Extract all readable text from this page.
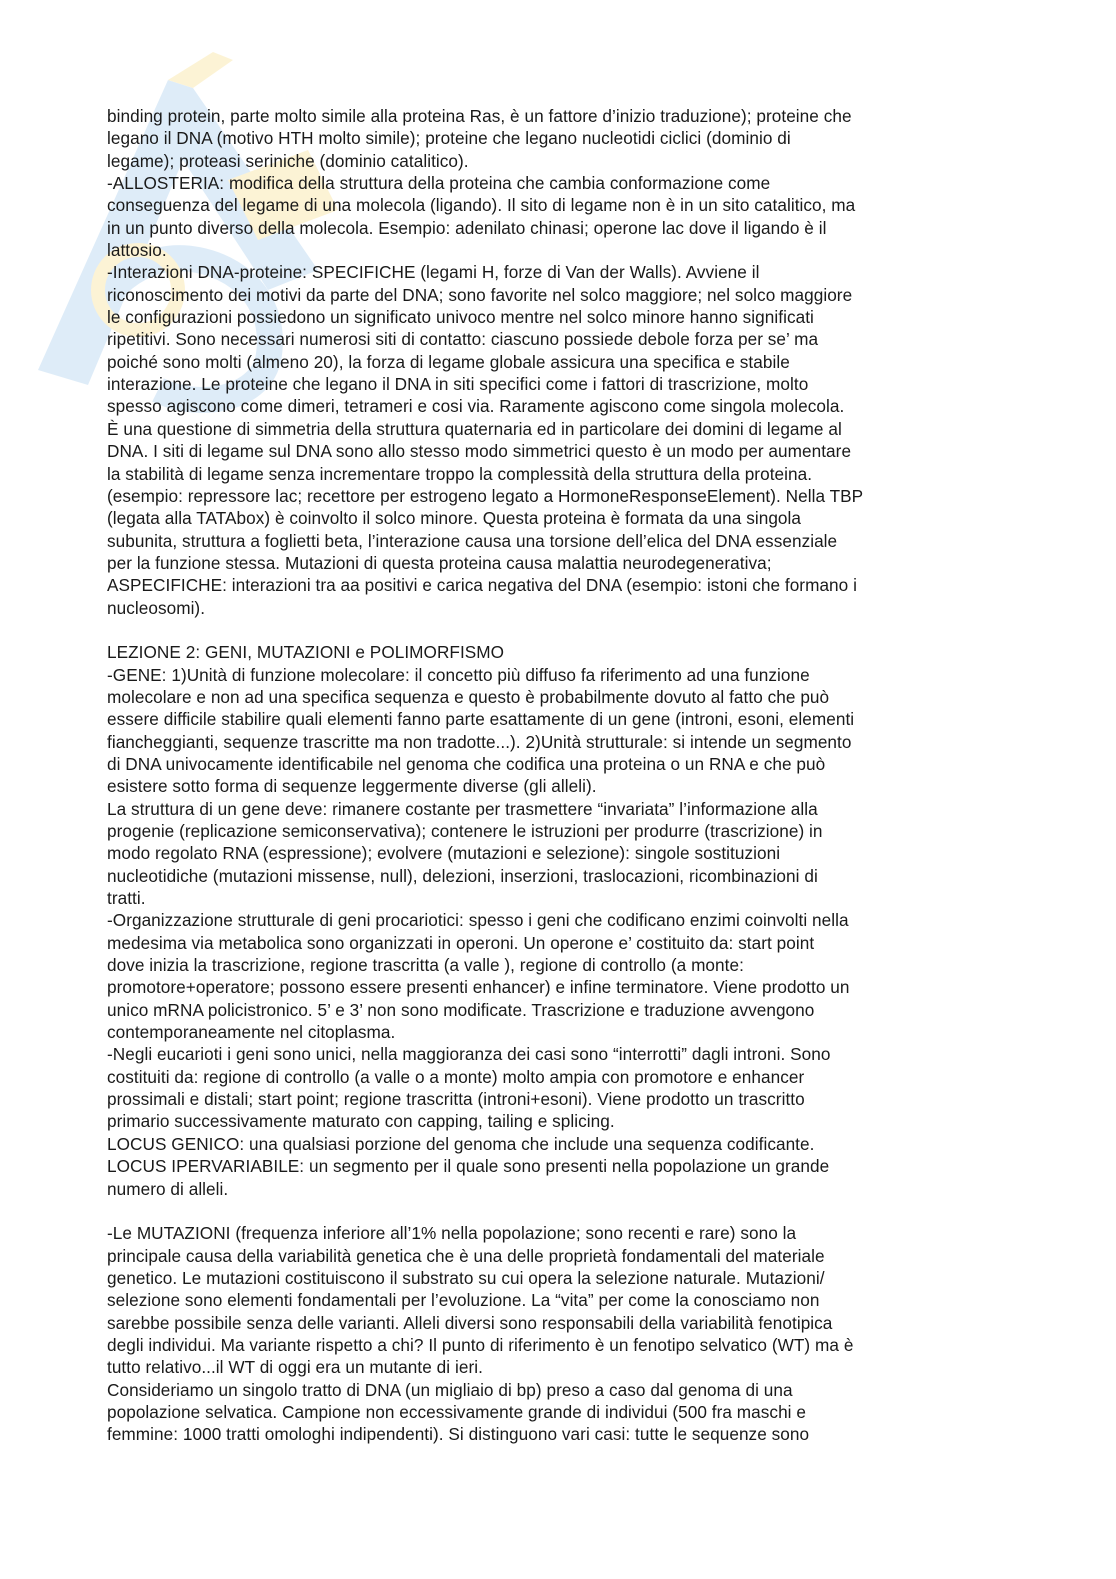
binding protein, parte molto simile alla proteina Ras, è un fattore d’inizio traduzione); proteine che
legano il DNA (motivo HTH molto simile); proteine che legano nucleotidi ciclici (dominio di
legame); proteasi seriniche (dominio catalitico).
-ALLOSTERIA: modifica della struttura della proteina che cambia conformazione come
conseguenza del legame di una molecola (ligando). Il sito di legame non è in un sito catalitico, ma
in un punto diverso della molecola. Esempio: adenilato chinasi; operone lac dove il ligando è il
lattosio.
-Interazioni DNA-proteine: SPECIFICHE (legami H, forze di Van der Walls). Avviene il
riconoscimento dei motivi da parte del DNA; sono favorite nel solco maggiore; nel solco maggiore
le configurazioni possiedono un significato univoco mentre nel solco minore hanno significati
ripetitivi. Sono necessari numerosi siti di contatto: ciascuno possiede debole forza per se’ ma
poiché sono molti (almeno 20), la forza di legame globale assicura una specifica e stabile
interazione. Le proteine che legano il DNA in siti specifici come i fattori di trascrizione, molto
spesso agiscono come dimeri, tetrameri e cosi via. Raramente agiscono come singola molecola.
È una questione di simmetria della struttura quaternaria ed in particolare dei domini di legame al
DNA. I siti di legame sul DNA sono allo stesso modo simmetrici questo è un modo per aumentare
la stabilità di legame senza incrementare troppo la complessità della struttura della proteina.
(esempio: repressore lac; recettore per estrogeno legato a HormoneResponseElement). Nella TBP
(legata alla TATAbox) è coinvolto il solco minore. Questa proteina è formata da una singola
subunita, struttura a foglietti beta, l’interazione causa una torsione dell’elica del DNA essenziale
per la funzione stessa. Mutazioni di questa proteina causa malattia neurodegenerativa;
ASPECIFICHE: interazioni tra aa positivi e carica negativa del DNA (esempio: istoni che formano i
nucleosomi).
LEZIONE 2: GENI, MUTAZIONI e POLIMORFISMO
-GENE: 1)Unità di funzione molecolare: il concetto più diffuso fa riferimento ad una funzione
molecolare e non ad una specifica sequenza e questo è probabilmente dovuto al fatto che può
essere difficile stabilire quali elementi fanno parte esattamente di un gene (introni, esoni, elementi
fiancheggianti, sequenze trascritte ma non tradotte...). 2)Unità strutturale: si intende un segmento
di DNA univocamente identificabile nel genoma che codifica una proteina o un RNA e che può
esistere sotto forma di sequenze leggermente diverse (gli alleli).
La struttura di un gene deve: rimanere costante per trasmettere “invariata” l’informazione alla
progenie (replicazione semiconservativa); contenere le istruzioni per produrre (trascrizione) in
modo regolato RNA (espressione); evolvere (mutazioni e selezione): singole sostituzioni
nucleotidiche (mutazioni missense, null), delezioni, inserzioni, traslocazioni, ricombinazioni di
tratti.
-Organizzazione strutturale di geni procariotici: spesso i geni che codificano enzimi coinvolti nella
medesima via metabolica sono organizzati in operoni. Un operone e’ costituito da: start point
dove inizia la trascrizione, regione trascritta (a valle ), regione di controllo (a monte:
promotore+operatore; possono essere presenti enhancer) e infine terminatore. Viene prodotto un
unico mRNA policistronico. 5’ e 3’ non sono modificate. Trascrizione e traduzione avvengono
contemporaneamente nel citoplasma.
-Negli eucarioti i geni sono unici, nella maggioranza dei casi sono “interrotti” dagli introni. Sono
costituiti da: regione di controllo (a valle o a monte) molto ampia con promotore e enhancer
prossimali e distali; start point; regione trascritta (introni+esoni). Viene prodotto un trascritto
primario successivamente maturato con capping, tailing e splicing.
LOCUS GENICO: una qualsiasi porzione del genoma che include una sequenza codificante.
LOCUS IPERVARIABILE: un segmento per il quale sono presenti nella popolazione un grande
numero di alleli.
-Le MUTAZIONI (frequenza inferiore all’1% nella popolazione; sono recenti e rare) sono la
principale causa della variabilità genetica che è una delle proprietà fondamentali del materiale
genetico. Le mutazioni costituiscono il substrato su cui opera la selezione naturale. Mutazioni/
selezione sono elementi fondamentali per l’evoluzione. La “vita” per come la conosciamo non
sarebbe possibile senza delle varianti. Alleli diversi sono responsabili della variabilità fenotipica
degli individui. Ma variante rispetto a chi? Il punto di riferimento è un fenotipo selvatico (WT) ma è
tutto relativo...il WT di oggi era un mutante di ieri.
Consideriamo un singolo tratto di DNA (un migliaio di bp) preso a caso dal genoma di una
popolazione selvatica. Campione non eccessivamente grande di individui (500 fra maschi e
femmine: 1000 tratti omologhi indipendenti). Si distinguono vari casi: tutte le sequenze sono
